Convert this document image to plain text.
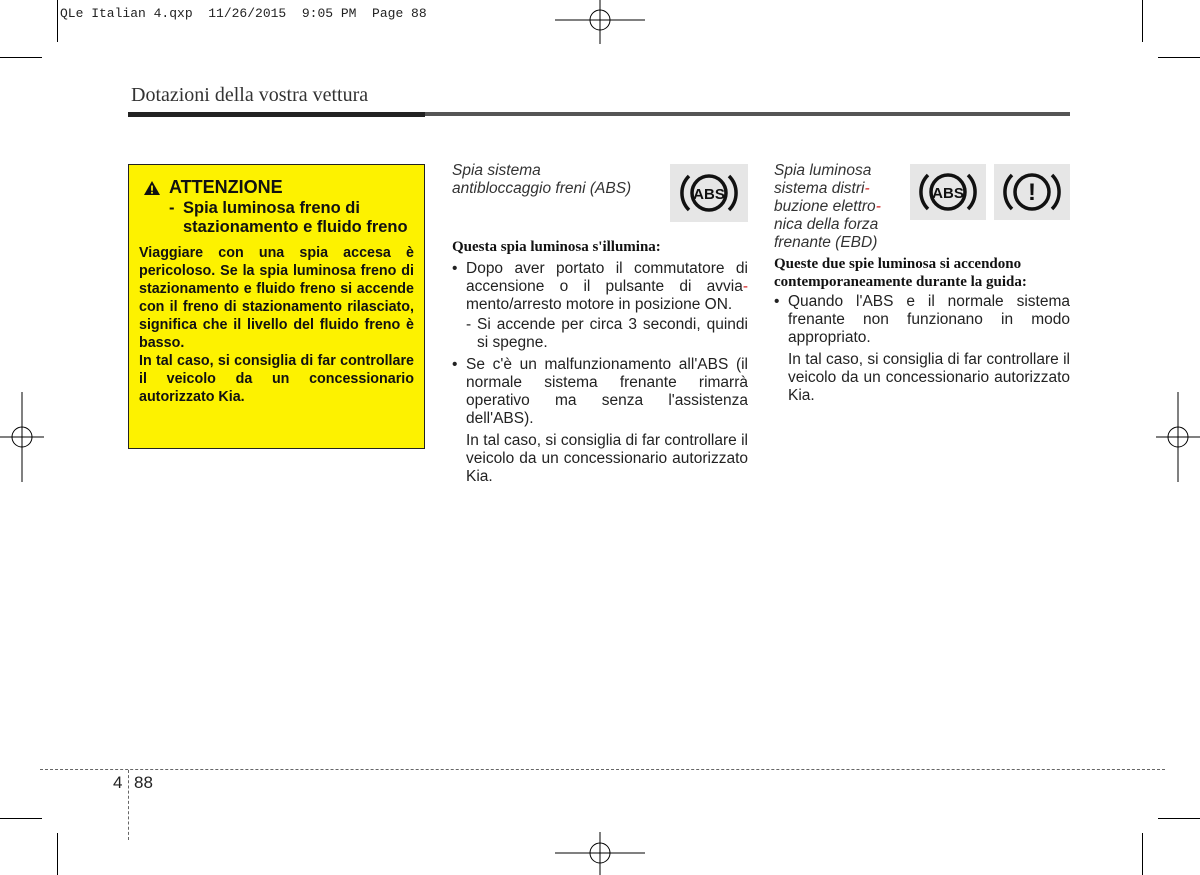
QLe Italian 4.qxp  11/26/2015  9:05 PM  Page 88
Dotazioni della vostra vettura
ATTENZIONE
- Spia luminosa freno di stazionamento e fluido freno

Viaggiare con una spia accesa è pericoloso. Se la spia luminosa freno di stazionamento e fluido freno si accende con il freno di stazionamento rilasciato, significa che il livello del fluido freno è basso.

In tal caso, si consiglia di far controllare il veicolo da un concessionario autorizzato Kia.

Spia sistema
antibloccaggio freni (ABS)	ABS
Questa spia luminosa s'illumina:
• Dopo aver portato il commutatore di accensione o il pulsante di avvia-mento/arresto motore in posizione ON.
- Si accende per circa 3 secondi, quindi si spegne.
• Se c'è un malfunzionamento all'ABS (il normale sistema frenante rimarrà operativo ma senza l'assistenza dell'ABS).
In tal caso, si consiglia di far controllare il veicolo da un concessionario autorizzato Kia.
Spia luminosa
sistema distri-
buzione elettro-
nica della forza
frenante (EBD)
ABS	!
Queste due spie luminosa si accendono contemporaneamente durante la guida:
• Quando l'ABS e il normale sistema frenante non funzionano in modo appropriato.
In tal caso, si consiglia di far controllare il veicolo da un concessionario autorizzato Kia.
4 88
